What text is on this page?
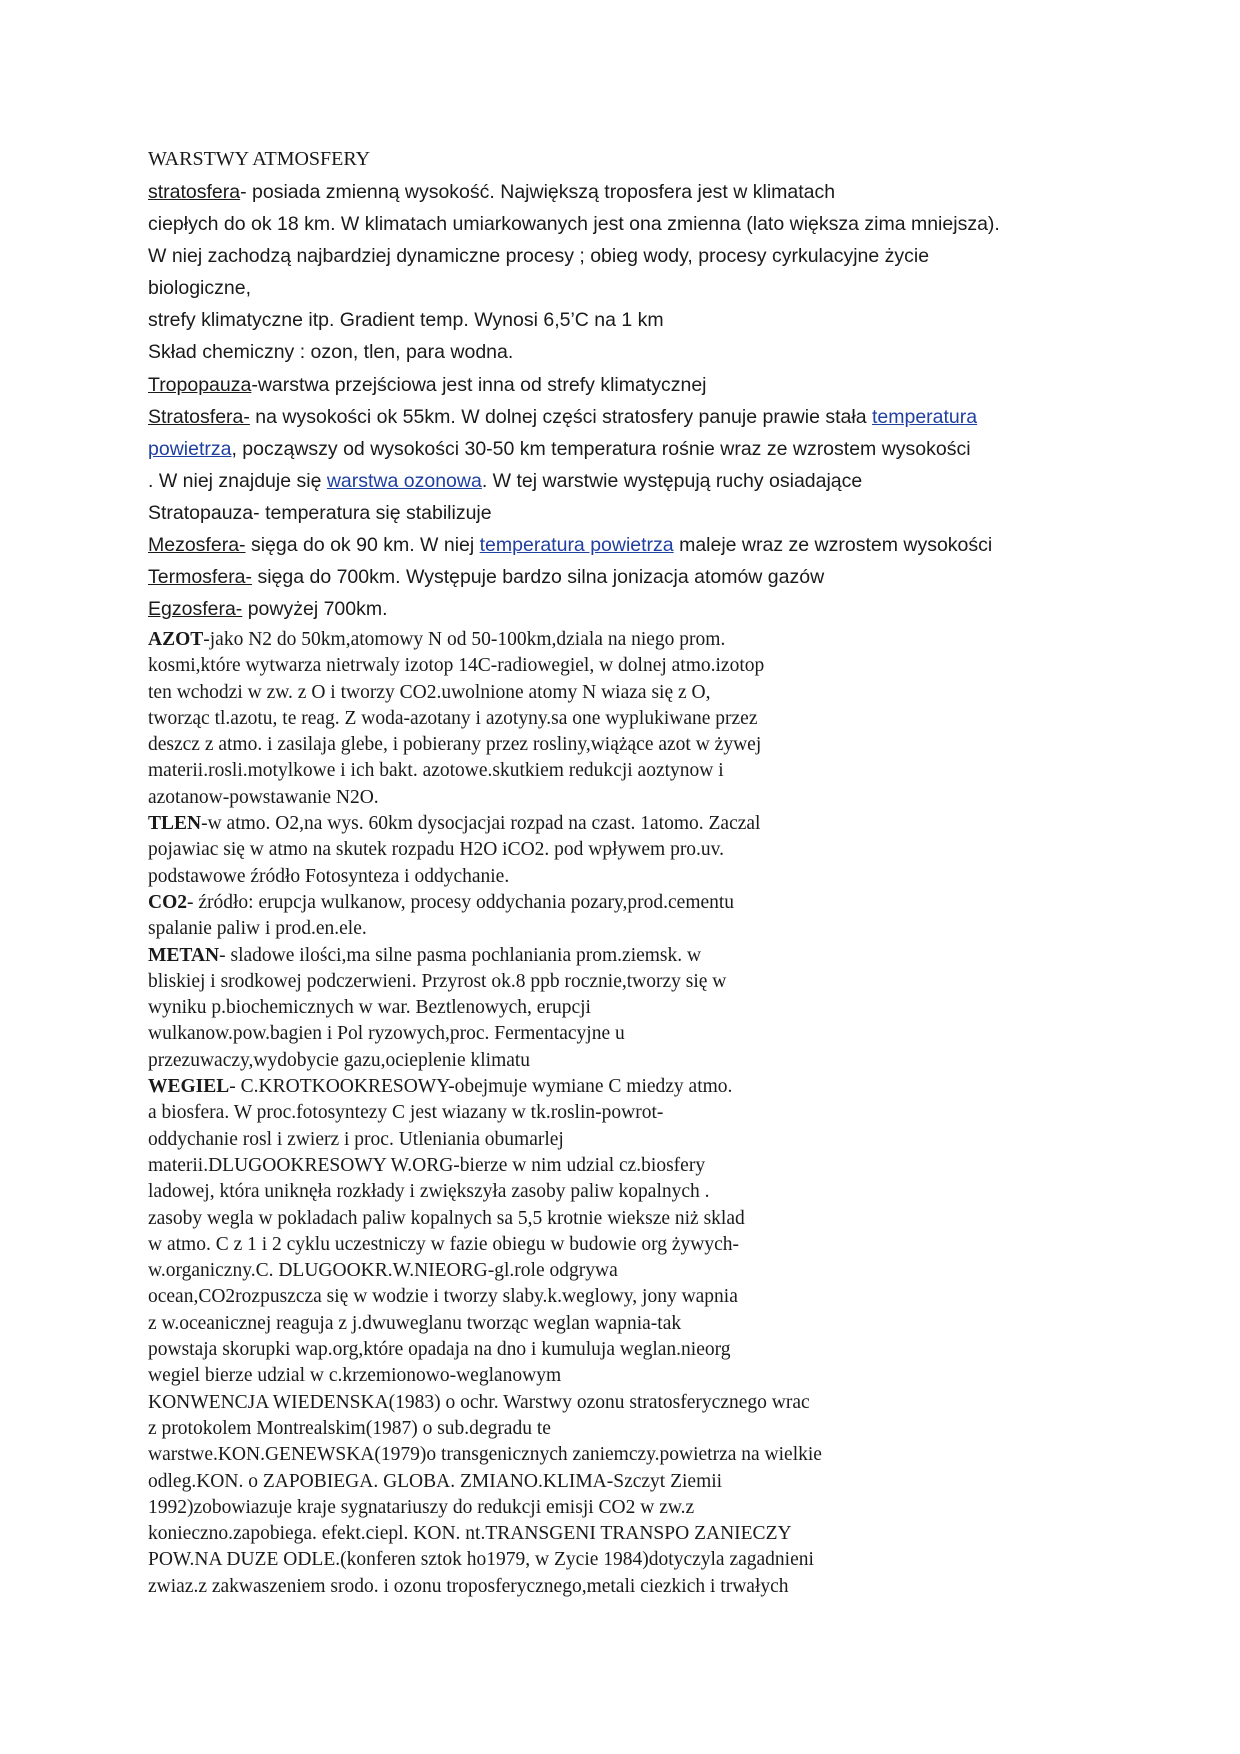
WARSTWY ATMOSFERY
stratosfera- posiada zmienną wysokość. Największą troposfera jest w klimatach
ciepłych do ok 18 km. W klimatach umiarkowanych jest ona zmienna (lato większa zima mniejsza).
W niej zachodzą najbardziej dynamiczne procesy ; obieg wody, procesy cyrkulacyjne życie
biologiczne,
strefy klimatyczne itp. Gradient temp. Wynosi 6,5’C na 1 km
Skład chemiczny : ozon, tlen, para wodna.
Tropopauza-warstwa przejściowa jest inna od strefy klimatycznej
Stratosfera- na wysokości ok 55km. W dolnej części stratosfery panuje prawie stała temperatura
powietrza, począwszy od wysokości 30-50 km temperatura rośnie wraz ze wzrostem wysokości
. W niej znajduje się warstwa ozonowa. W tej warstwie występują ruchy osiadające
Stratopauza- temperatura się stabilizuje
Mezosfera- sięga do ok 90 km. W niej temperatura powietrza maleje wraz ze wzrostem wysokości
Termosfera- sięga do 700km. Występuje bardzo silna jonizacja atomów gazów
Egzosfera- powyżej 700km.
AZOT-jako N2 do 50km,atomowy N od 50-100km,dziala na niego prom.
kosmi,które wytwarza nietrwaly izotop 14C-radiowegiel, w dolnej atmo.izotop
ten wchodzi w zw. z O i tworzy CO2.uwolnione atomy N wiaza się z O,
tworząc tl.azotu, te reag. Z woda-azotany i azotyny.sa one wyplukiwane przez
deszcz z atmo. i zasilaja glebe, i pobierany przez rosliny,wiążące azot w żywej
materii.rosli.motylkowe i ich bakt. azotowe.skutkiem redukcji aoztynow i
azotanow-powstawanie N2O.
TLEN-w atmo. O2,na wys. 60km dysocjacjai rozpad na czast. 1atomo. Zaczal
pojawiac się w atmo na skutek rozpadu H2O iCO2. pod wpływem pro.uv.
podstawowe źródło Fotosynteza i oddychanie.
CO2- źródło: erupcja wulkanow, procesy oddychania pozary,prod.cementu
spalanie paliw i prod.en.ele.
METAN- sladowe ilości,ma silne pasma pochlaniania prom.ziemsk. w
bliskiej i srodkowej podczerwieni. Przyrost ok.8 ppb rocznie,tworzy się w
wyniku p.biochemicznych w war. Beztlenowych, erupcji
wulkanow.pow.bagien i Pol ryzowych,proc. Fermentacyjne u
przezuwaczy,wydobycie gazu,ocieplenie klimatu
WEGIEL- C.KROTKOOKRESOWY-obejmuje wymiane C miedzy atmo.
a biosfera. W proc.fotosyntezy C jest wiazany w tk.roslin-powrot-
oddychanie rosl i zwierz i proc. Utleniania obumarlej
materii.DLUGOOKRESOWY W.ORG-bierze w nim udzial cz.biosfery
ladowej, która uniknęła rozkłady i zwiększyła zasoby paliw kopalnych .
zasoby wegla w pokladach paliw kopalnych sa 5,5 krotnie wieksze niż sklad
w atmo. C z 1 i 2 cyklu uczestniczy w fazie obiegu w budowie org żywych-
w.organiczny.C. DLUGOOKR.W.NIEORG-gl.role odgrywa
ocean,CO2rozpuszcza się w wodzie i tworzy slaby.k.weglowy, jony wapnia
z w.oceanicznej reaguja z j.dwuweglanu tworząc weglan wapnia-tak
powstaja skorupki wap.org,które opadaja na dno i kumuluja weglan.nieorg
wegiel bierze udzial w c.krzemionowo-weglanowym
KONWENCJA WIEDENSKA(1983) o ochr. Warstwy ozonu stratosferycznego wrac
z protokolem Montrealskim(1987) o sub.degradu te
warstwe.KON.GENEWSKA(1979)o transgenicznych zaniemczy.powietrza na wielkie
odleg.KON. o ZAPOBIEGA. GLOBA. ZMIANO.KLIMA-Szczyt Ziemii
1992)zobowiazuje kraje sygnatariuszy do redukcji emisji CO2 w zw.z
konieczno.zapobiega. efekt.ciepl. KON. nt.TRANSGENI TRANSPO ZANIECZY
POW.NA DUZE ODLE.(konferen sztok ho1979, w Zycie 1984)dotyczyla zagadnieni
zwiaz.z zakwaszeniem srodo. i ozonu troposferycznego,metali ciezkich i trwałych
